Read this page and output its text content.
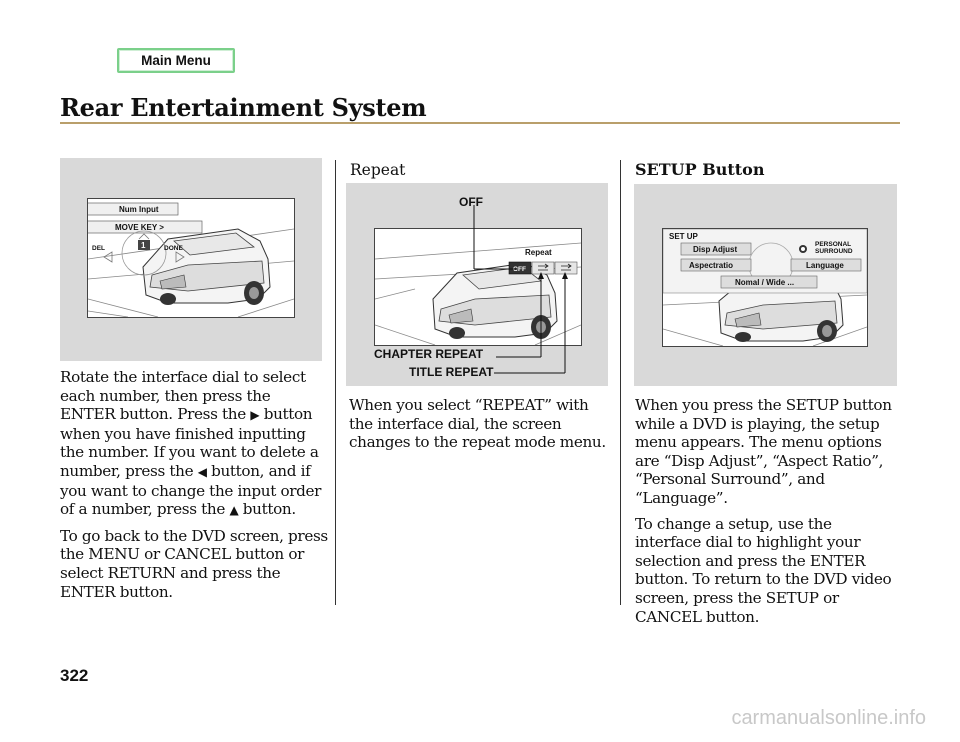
Main Menu
Rear Entertainment System
Num Input
MOVE KEY >
DEL	DONE
1

Rotate the interface dial to select each number, then press the ENTER button. Press the ▶ button when you have finished inputting the number. If you want to delete a number, press the ◀ button, and if you want to change the input order of a number, press the ▲ button.

To go back to the DVD screen, press the MENU or CANCEL button or select RETURN and press the ENTER button.

Repeat
Repeat
OFF
OFF
CHAPTER REPEAT
TITLE REPEAT

When you select “REPEAT” with the interface dial, the screen changes to the repeat mode menu.

SETUP Button
SET UP
Disp Adjust
PERSONAL
SURROUND
Aspectratio	Language
Nomal / Wide ...

When you press the SETUP button while a DVD is playing, the setup menu appears. The menu options are “Disp Adjust”, “Aspect Ratio”, “Personal Surround”, and “Language”.

To change a setup, use the interface dial to highlight your selection and press the ENTER button. To return to the DVD video screen, press the SETUP or CANCEL button.

322
carmanualsonline.info
